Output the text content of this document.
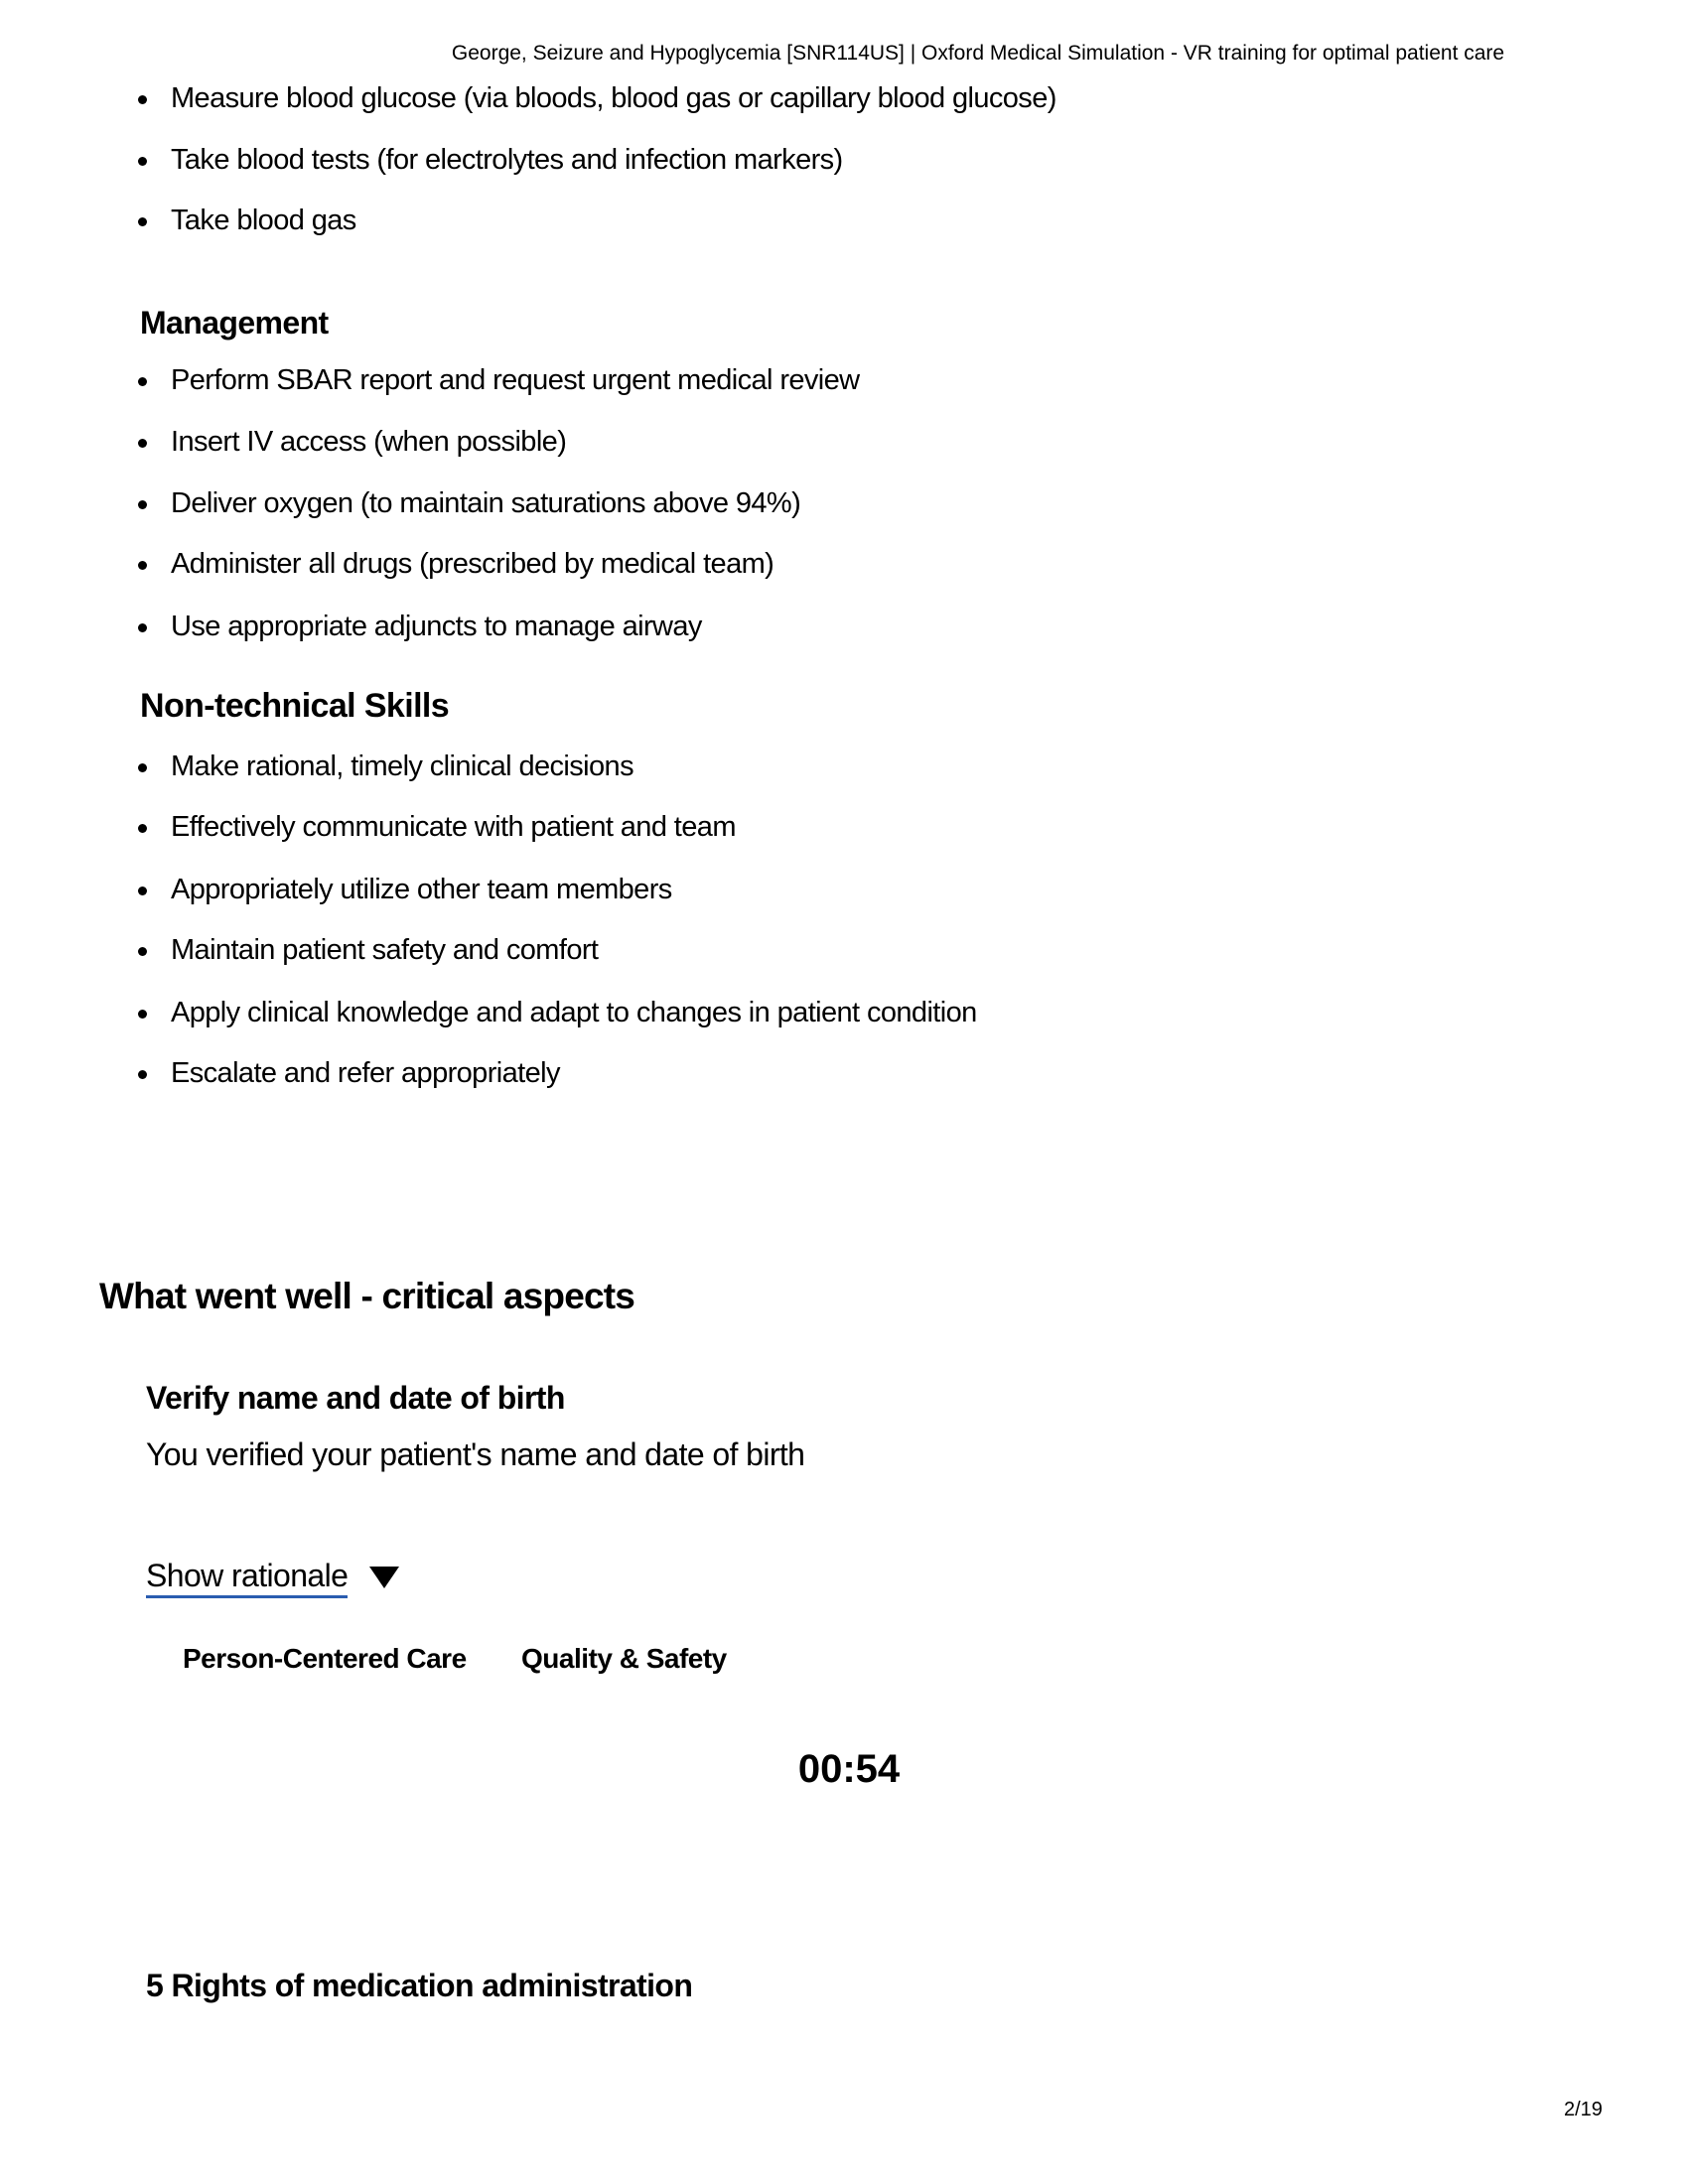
George, Seizure and Hypoglycemia [SNR114US] | Oxford Medical Simulation - VR training for optimal patient care
Measure blood glucose (via bloods, blood gas or capillary blood glucose)
Take blood tests (for electrolytes and infection markers)
Take blood gas
Management
Perform SBAR report and request urgent medical review
Insert IV access (when possible)
Deliver oxygen (to maintain saturations above 94%)
Administer all drugs (prescribed by medical team)
Use appropriate adjuncts to manage airway
Non-technical Skills
Make rational, timely clinical decisions
Effectively communicate with patient and team
Appropriately utilize other team members
Maintain patient safety and comfort
Apply clinical knowledge and adapt to changes in patient condition
Escalate and refer appropriately
What went well - critical aspects
Verify name and date of birth
You verified your patient's name and date of birth
Show rationale
Person-Centered Care Quality & Safety
00:54
5 Rights of medication administration
2/19
